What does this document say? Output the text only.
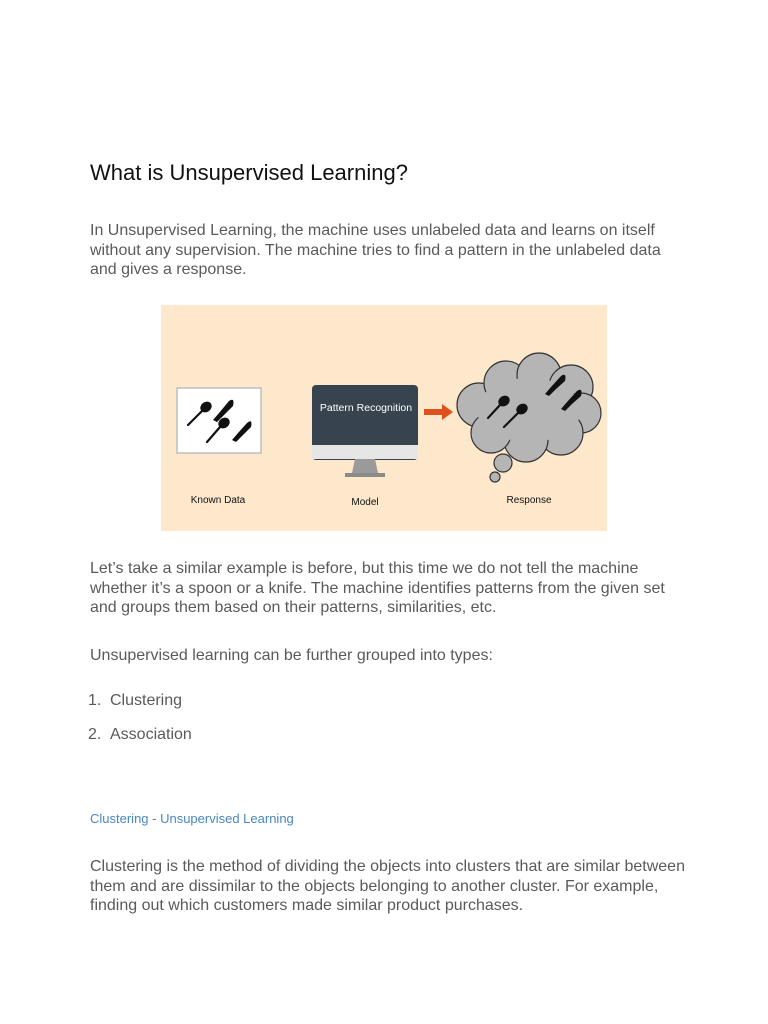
What is Unsupervised Learning?

In Unsupervised Learning, the machine uses unlabeled data and learns on itself without any supervision. The machine tries to find a pattern in the unlabeled data and gives a response.

Pattern Recognition
Known Data	Model	Response

Let’s take a similar example is before, but this time we do not tell the machine whether it’s a spoon or a knife. The machine identifies patterns from the given set and groups them based on their patterns, similarities, etc.

Unsupervised learning can be further grouped into types:

1. Clustering
2. Association
Clustering - Unsupervised Learning

Clustering is the method of dividing the objects into clusters that are similar between them and are dissimilar to the objects belonging to another cluster. For example, finding out which customers made similar product purchases.
